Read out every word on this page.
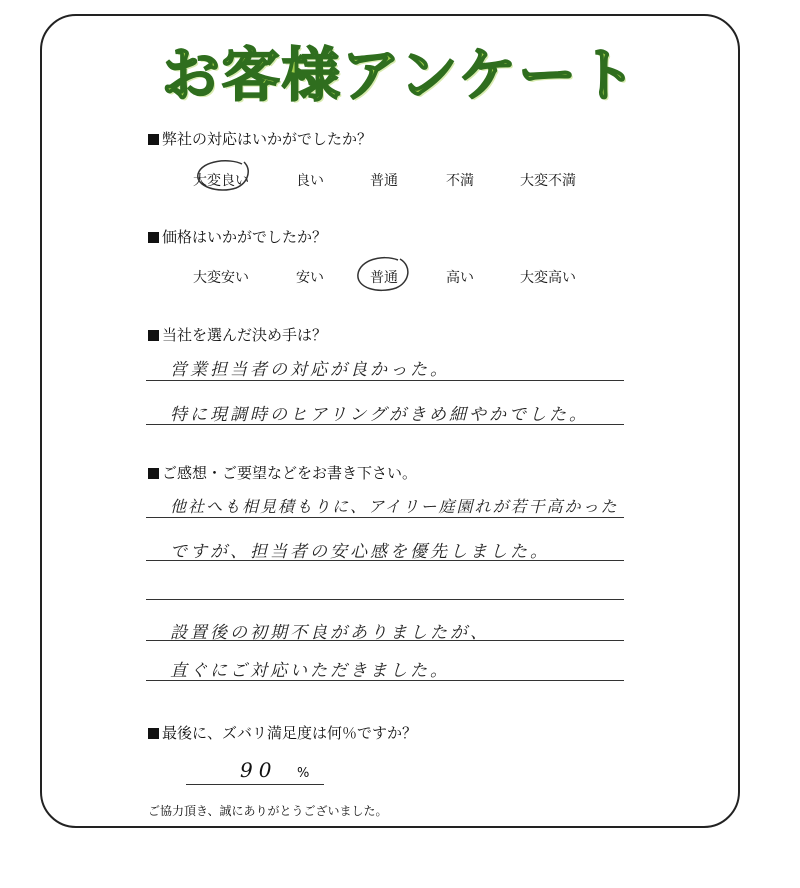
お客様アンケート
弊社の対応はいかがでしたか？
大変良い	良い	普通	不満	大変不満
価格はいかがでしたか？
大変安い	安い	普通	高い	大変高い
当社を選んだ決め手は？
営業担当者の対応が良かった。
特に現調時のヒアリングがきめ細やかでした。
ご感想・ご要望などをお書き下さい。
他社へも相見積もりに、アイリー庭園れが若干高かった
ですが、担当者の安心感を優先しました。
設置後の初期不良がありましたが、
直ぐにご対応いただきました。
最後に、ズバリ満足度は何％ですか？
90 %
ご協力頂き、誠にありがとうございました。
